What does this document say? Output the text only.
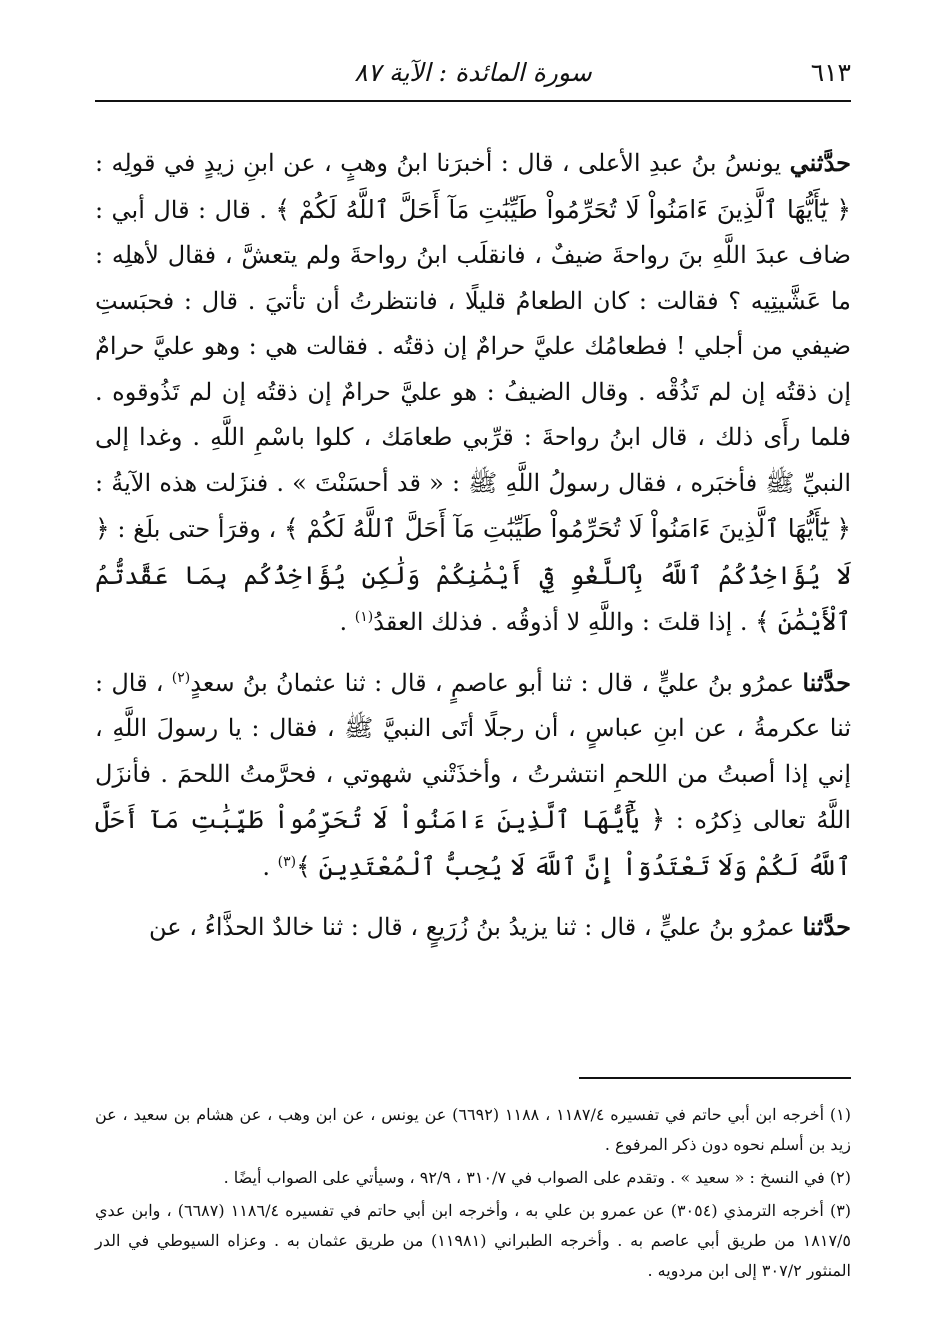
سورة المائدة : الآية ٨٧	٦١٣

حدَّثني يونسُ بنُ عبدِ الأعلى ، قال : أخبرَنا ابنُ وهبٍ ، عن ابنِ زيدٍ في قولِه : ﴿ يَٰٓأَيُّهَا ٱلَّذِينَ ءَامَنُواْ لَا تُحَرِّمُواْ طَيِّبَٰتِ مَآ أَحَلَّ ٱللَّهُ لَكُمْ ﴾ . قال : قال أبي : ضاف عبدَ اللَّهِ بنَ رواحةَ ضيفٌ ، فانقلَب ابنُ رواحةَ ولم يتعشَّ ، فقال لأهلِه : ما عَشَّيتِيه ؟ فقالت : كان الطعامُ قليلًا ، فانتظرتُ أن تأتيَ . قال : فحبَستِ ضيفي من أجلي ! فطعامُك عليَّ حرامٌ إن ذقتُه . فقالت هي : وهو عليَّ حرامٌ إن ذقتُه إن لم تَذُقْه . وقال الضيفُ : هو عليَّ حرامٌ إن ذقتُه إن لم تَذُوقوه . فلما رأَى ذلك ، قال ابنُ رواحةَ : قرِّبي طعامَك ، كلوا باسْمِ اللَّهِ . وغدا إلى النبيِّ ﷺ فأخبَره ، فقال رسولُ اللَّهِ ﷺ : « قد أحسَنْتَ » . فنزَلت هذه الآيةُ : ﴿ يَٰٓأَيُّهَا ٱلَّذِينَ ءَامَنُواْ لَا تُحَرِّمُواْ طَيِّبَٰتِ مَآ أَحَلَّ ٱللَّهُ لَكُمْ ﴾ ، وقرَأ حتى بلَغ : ﴿ لَا يُؤَاخِذُكُمُ ٱللَّهُ بِٱللَّغْوِ فِيٓ أَيْمَٰنِكُمْ وَلَٰكِن يُؤَاخِذُكُم بِمَا عَقَّدتُّمُ ٱلْأَيْمَٰنَ ﴾ . إذا قلتَ : واللَّهِ لا أذوقُه . فذلك العقدُ$^{(١)}$ .

حدَّثنا عمرُو بنُ عليٍّ ، قال : ثنا أبو عاصمٍ ، قال : ثنا عثمانُ بنُ سعدٍ$^{(٢)}$ ، قال : ثنا عكرمةُ ، عن ابنِ عباسٍ ، أن رجلًا أتَى النبيَّ ﷺ ، فقال : يا رسولَ اللَّهِ ، إني إذا أصبتُ من اللحمِ انتشرتُ ، وأخذَتْني شهوتي ، فحرَّمتُ اللحمَ . فأنزَل اللَّهُ تعالى ذِكرُه : ﴿ يَٰٓأَيُّهَا ٱلَّذِينَ ءَامَنُواْ لَا تُحَرِّمُواْ طَيِّبَٰتِ مَآ أَحَلَّ ٱللَّهُ لَكُمْ وَلَا تَعْتَدُوٓاْ إِنَّ ٱللَّهَ لَا يُحِبُّ ٱلْمُعْتَدِينَ ﴾$^{(٣)}$ .

حدَّثنا عمرُو بنُ عليٍّ ، قال : ثنا يزيدُ بنُ زُرَيعٍ ، قال : ثنا خالدٌ الحذَّاءُ ، عن

(١) أخرجه ابن أبي حاتم في تفسيره ١١٨٧/٤ ، ١١٨٨ (٦٦٩٢) عن يونس ، عن ابن وهب ، عن هشام بن سعيد ، عن زيد بن أسلم نحوه دون ذكر المرفوع .

(٢) في النسخ : « سعيد » . وتقدم على الصواب في ٣١٠/٧ ، ٩٢/٩ ، وسيأتي على الصواب أيضًا .

(٣) أخرجه الترمذي (٣٠٥٤) عن عمرو بن علي به ، وأخرجه ابن أبي حاتم في تفسيره ١١٨٦/٤ (٦٦٨٧) ، وابن عدي ١٨١٧/٥ من طريق أبي عاصم به . وأخرجه الطبراني (١١٩٨١) من طريق عثمان به . وعزاه السيوطي في الدر المنثور ٣٠٧/٢ إلى ابن مردويه .
